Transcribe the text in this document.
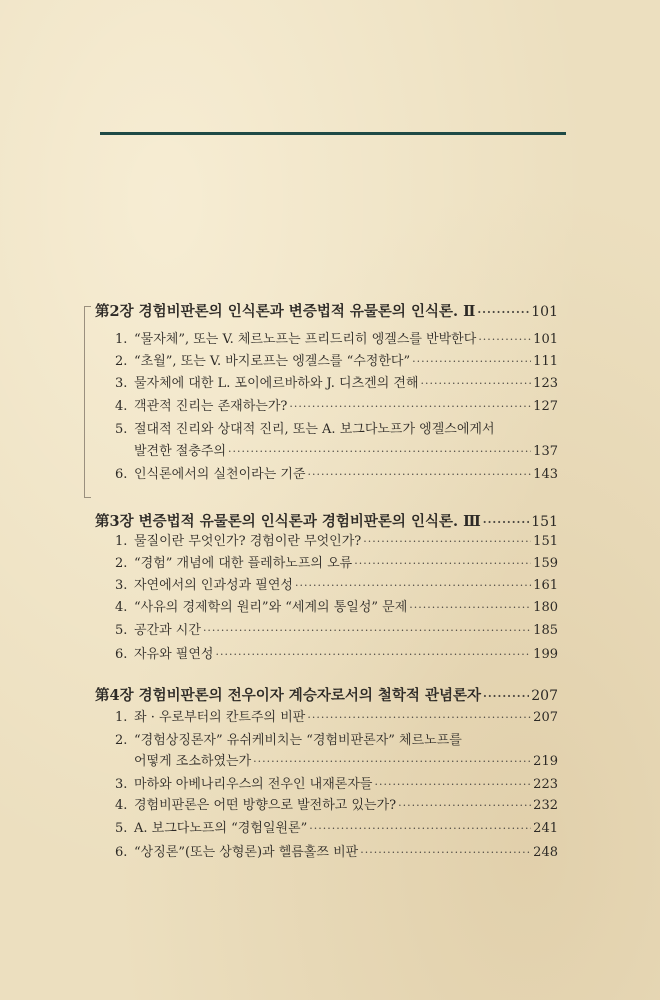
第2장 경험비판론의 인식론과 변증법적 유물론의 인식론. Ⅱ ·····	101
1. “물자체”, 또는 V. 체르노프는 프리드리히 엥겔스를 반박한다 ·····	101
2. “초월”, 또는 V. 바지로프는 엥겔스를 “수정한다” ·····	111
3. 물자체에 대한 L. 포이에르바하와 J. 디츠겐의 견해 ·····	123
4. 객관적 진리는 존재하는가? ·····	127
5. 절대적 진리와 상대적 진리, 또는 A. 보그다노프가 엥겔스에게서
발견한 절충주의 ·····	137
6. 인식론에서의 실천이라는 기준 ·····	143
第3장 변증법적 유물론의 인식론과 경험비판론의 인식론. Ⅲ ·····	151
1. 물질이란 무엇인가? 경험이란 무엇인가? ·····	151
2. “경험” 개념에 대한 플레하노프의 오류 ·····	159
3. 자연에서의 인과성과 필연성 ·····	161
4. “사유의 경제학의 원리”와 “세계의 통일성” 문제 ·····	180
5. 공간과 시간 ·····	185
6. 자유와 필연성 ·····	199
第4장 경험비판론의 전우이자 계승자로서의 철학적 관념론자 ·····	207
1. 좌 · 우로부터의 칸트주의 비판 ·····	207
2. “경험상징론자” 유쉬케비치는 “경험비판론자” 체르노프를
어떻게 조소하였는가 ·····	219
3. 마하와 아베나리우스의 전우인 내재론자들 ·····	223
4. 경험비판론은 어떤 방향으로 발전하고 있는가? ·····	232
5. A. 보그다노프의 “경험일원론” ·····	241
6. “상징론”(또는 상형론)과 헬름홀쯔 비판 ·····	248
